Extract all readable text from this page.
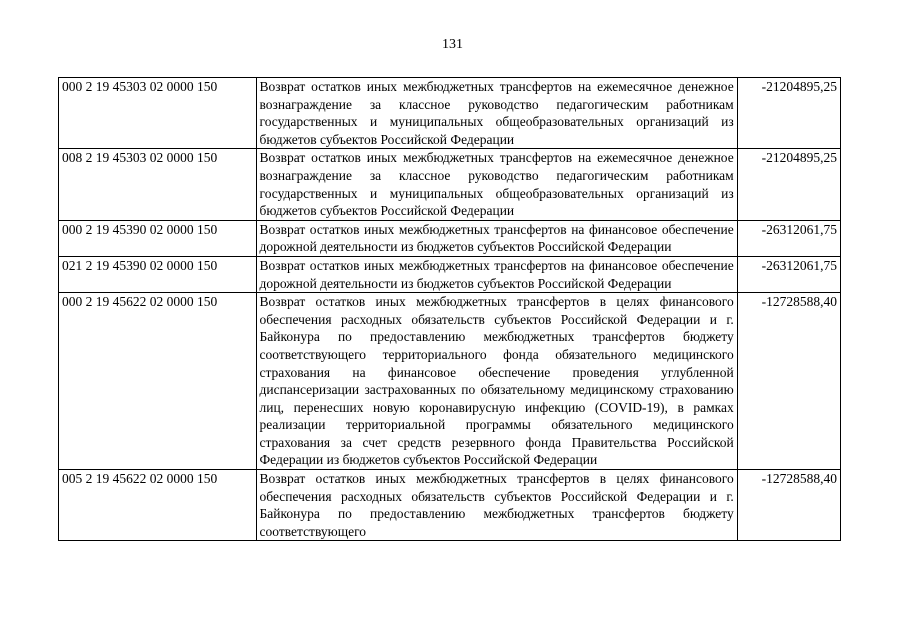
131
000 2 19 45303 02 0000 150	Возврат остатков иных межбюджетных трансфертов на ежемесячное денежное вознаграждение за классное руководство педагогическим работникам государственных и муниципальных общеобразовательных организаций из бюджетов субъектов Российской Федерации	-21204895,25
008 2 19 45303 02 0000 150	Возврат остатков иных межбюджетных трансфертов на ежемесячное денежное вознаграждение за классное руководство педагогическим работникам государственных и муниципальных общеобразовательных организаций из бюджетов субъектов Российской Федерации	-21204895,25
000 2 19 45390 02 0000 150	Возврат остатков иных межбюджетных трансфертов на финансовое обеспечение дорожной деятельности из бюджетов субъектов Российской Федерации	-26312061,75
021 2 19 45390 02 0000 150	Возврат остатков иных межбюджетных трансфертов на финансовое обеспечение дорожной деятельности из бюджетов субъектов Российской Федерации	-26312061,75
000 2 19 45622 02 0000 150	Возврат остатков иных межбюджетных трансфертов в целях финансового обеспечения расходных обязательств субъектов Российской Федерации и г. Байконура по предоставлению межбюджетных трансфертов бюджету соответствующего территориального фонда обязательного медицинского страхования на финансовое обеспечение проведения углубленной диспансеризации застрахованных по обязательному медицинскому страхованию лиц, перенесших новую коронавирусную инфекцию (COVID-19), в рамках реализации территориальной программы обязательного медицинского страхования за счет средств резервного фонда Правительства Российской Федерации из бюджетов субъектов Российской Федерации	-12728588,40
005 2 19 45622 02 0000 150	Возврат остатков иных межбюджетных трансфертов в целях финансового обеспечения расходных обязательств субъектов Российской Федерации и г. Байконура по предоставлению межбюджетных трансфертов бюджету соответствующего	-12728588,40
